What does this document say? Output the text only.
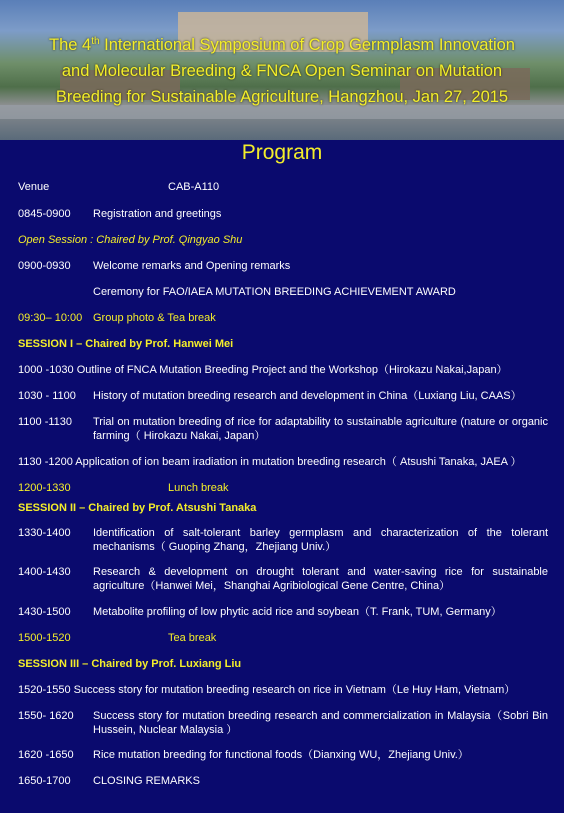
The 4th International Symposium of Crop Germplasm Innovation
and Molecular Breeding & FNCA Open Seminar on Mutation
Breeding for Sustainable Agriculture, Hangzhou, Jan 27, 2015
Program
Venue	CAB-A110
0845-0900 Registration and greetings
Open Session : Chaired by Prof. Qingyao Shu
0900-0930 Welcome remarks and Opening remarks
Ceremony for FAO/IAEA MUTATION BREEDING ACHIEVEMENT AWARD
09:30– 10:00 Group photo & Tea break
SESSION I – Chaired by Prof. Hanwei Mei
1000 -1030 Outline of FNCA Mutation Breeding Project and the Workshop（Hirokazu Nakai,Japan）
1030 - 1100 History of mutation breeding research and development in China（Luxiang Liu, CAAS）
1100 -1130 Trial on mutation breeding of rice for adaptability to sustainable agriculture (nature or organic farming（ Hirokazu Nakai, Japan）
1130 -1200 Application of ion beam iradiation in mutation breeding research（ Atsushi Tanaka, JAEA ）
1200-1330	Lunch break
SESSION II – Chaired by Prof. Atsushi Tanaka
1330-1400 Identification of salt-tolerant barley germplasm and characterization of the tolerant mechanisms（ Guoping Zhang，Zhejiang Univ.）
1400-1430 Research & development on drought tolerant and water-saving rice for sustainable agriculture（Hanwei Mei，Shanghai Agribiological Gene Centre, China）
1430-1500 Metabolite profiling of low phytic acid rice and soybean（T. Frank, TUM, Germany）
1500-1520	Tea break
SESSION III – Chaired by Prof. Luxiang Liu
1520-1550 Success story for mutation breeding research on rice in Vietnam（Le Huy Ham, Vietnam）
1550- 1620 Success story for mutation breeding research and commercialization in Malaysia（Sobri Bin Hussein, Nuclear Malaysia ）
1620 -1650 Rice mutation breeding for functional foods（Dianxing WU，Zhejiang Univ.）
1650-1700 CLOSING REMARKS
